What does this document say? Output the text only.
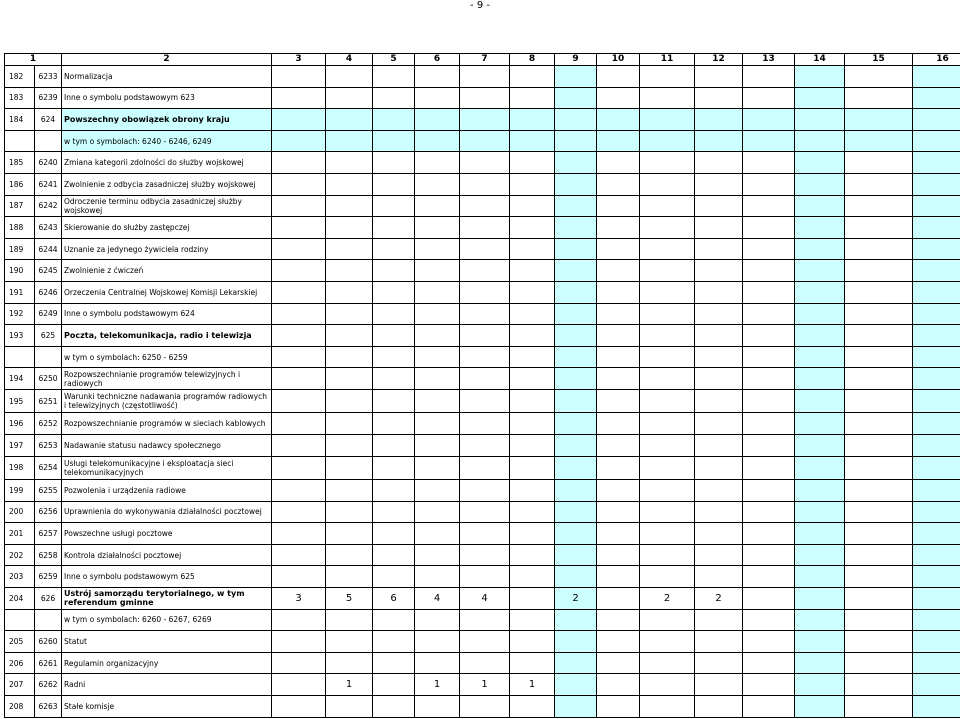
- 9 -
1		2	3	4	5	6	7	8	9	10	11	12	13	14	15	16
182	6233	Normalizacja														
183	6239	Inne o symbolu podstawowym 623														
184	624	Powszechny obowiązek obrony kraju														
		w tym o symbolach: 6240 - 6246, 6249														
185	6240	Zmiana kategorii zdolności do służby wojskowej														
186	6241	Zwolnienie z odbycia zasadniczej służby wojskowej														
187	6242	Odroczenie terminu odbycia zasadniczej służby wojskowej														
188	6243	Skierowanie do służby zastępczej														
189	6244	Uznanie za jedynego żywiciela rodziny														
190	6245	Zwolnienie z ćwiczeń														
191	6246	Orzeczenia Centralnej Wojskowej Komisji Lekarskiej														
192	6249	Inne o symbolu podstawowym 624														
193	625	Poczta, telekomunikacja, radio i telewizja														
		w tym o symbolach: 6250 - 6259														
194	6250	Rozpowszechnianie programów telewizyjnych i radiowych														
195	6251	Warunki techniczne nadawania programów radiowych i telewizyjnych (częstotliwość)														
196	6252	Rozpowszechnianie programów w sieciach kablowych														
197	6253	Nadawanie statusu nadawcy społecznego														
198	6254	Usługi telekomunikacyjne i eksploatacja sieci telekomunikacyjnych														
199	6255	Pozwolenia i urządzenia radiowe														
200	6256	Uprawnienia do wykonywania działalności pocztowej														
201	6257	Powszechne usługi pocztowe														
202	6258	Kontrola działalności pocztowej														
203	6259	Inne o symbolu podstawowym 625														
204	626	Ustrój samorządu terytorialnego, w tym referendum gminne	3	5	6	4	4		2		2	2				
		w tym o symbolach: 6260 - 6267, 6269														
205	6260	Statut														
206	6261	Regulamin organizacyjny														
207	6262	Radni		1		1	1	1								
208	6263	Stałe komisje														
